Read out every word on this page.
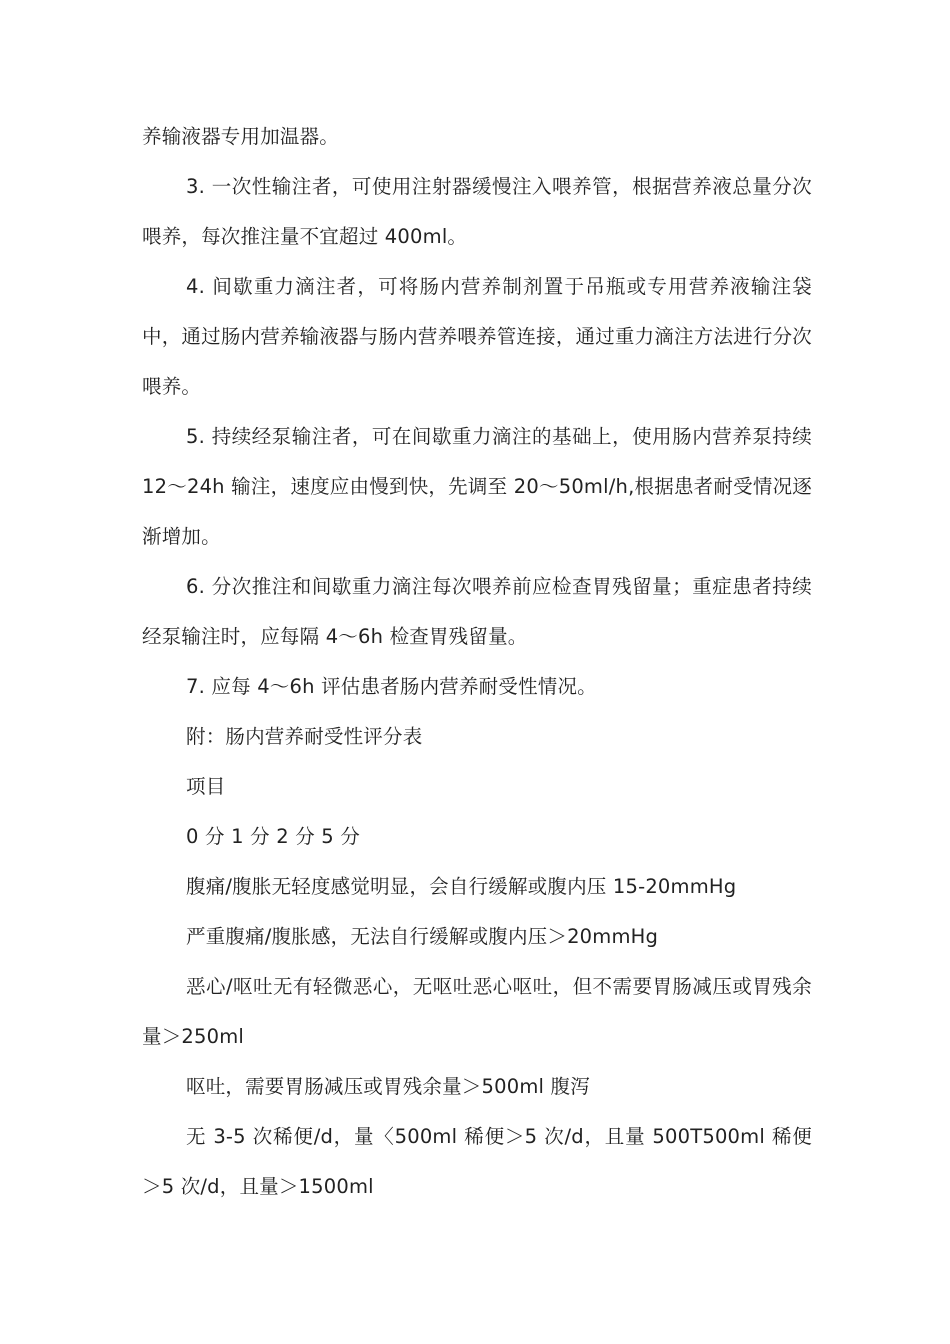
养输液器专用加温器。

3. 一次性输注者，可使用注射器缓慢注入喂养管，根据营养液总量分次喂养，每次推注量不宜超过 400ml。

4. 间歇重力滴注者，可将肠内营养制剂置于吊瓶或专用营养液输注袋中，通过肠内营养输液器与肠内营养喂养管连接，通过重力滴注方法进行分次喂养。

5. 持续经泵输注者，可在间歇重力滴注的基础上，使用肠内营养泵持续 12〜24h 输注，速度应由慢到快，先调至 20〜50ml/h,根据患者耐受情况逐渐增加。

6. 分次推注和间歇重力滴注每次喂养前应检查胃残留量；重症患者持续经泵输注时，应每隔 4〜6h 检查胃残留量。

7. 应每 4〜6h 评估患者肠内营养耐受性情况。

附：肠内营养耐受性评分表

项目

0 分 1 分 2 分 5 分

腹痛/腹胀无轻度感觉明显，会自行缓解或腹内压 15-20mmHg

严重腹痛/腹胀感，无法自行缓解或腹内压＞20mmHg

恶心/呕吐无有轻微恶心，无呕吐恶心呕吐，但不需要胃肠减压或胃残余量＞250ml

呕吐，需要胃肠减压或胃残余量＞500ml 腹泻

无 3-5 次稀便/d，量〈500ml 稀便＞5 次/d，且量 500T500ml 稀便＞5 次/d，且量＞1500ml
